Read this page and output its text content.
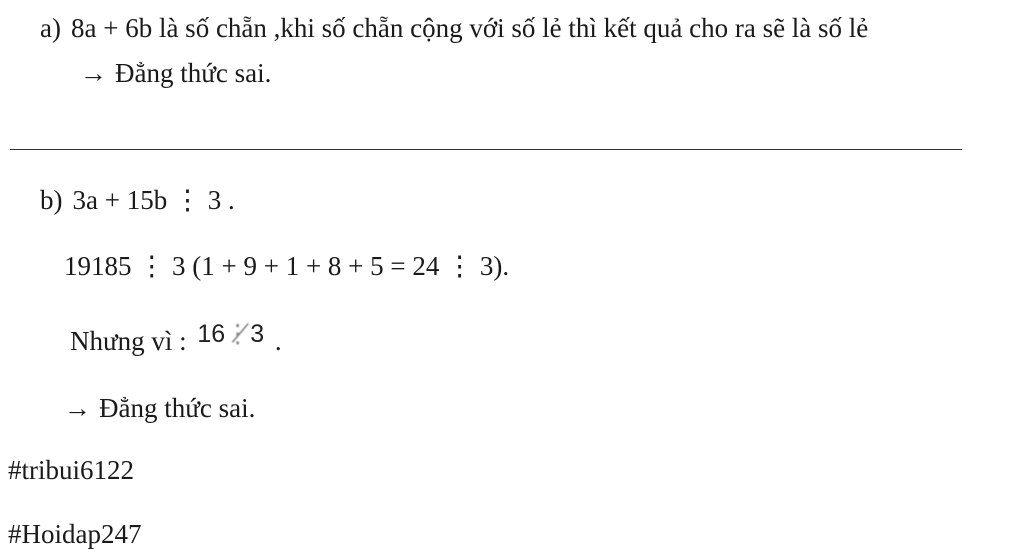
a) 8a + 6b là số chẵn ,khi số chẵn cộng với số lẻ thì kết quả cho ra sẽ là số lẻ
→ Đẳng thức sai.
b) 3a + 15b ⋮ 3 .
19185 ⋮ 3 (1 + 9 + 1 + 8 + 5 = 24 ⋮ 3).
Nhưng vì : 16⋮̸3 .
→ Đẳng thức sai.
#tribui6122
#Hoidap247
